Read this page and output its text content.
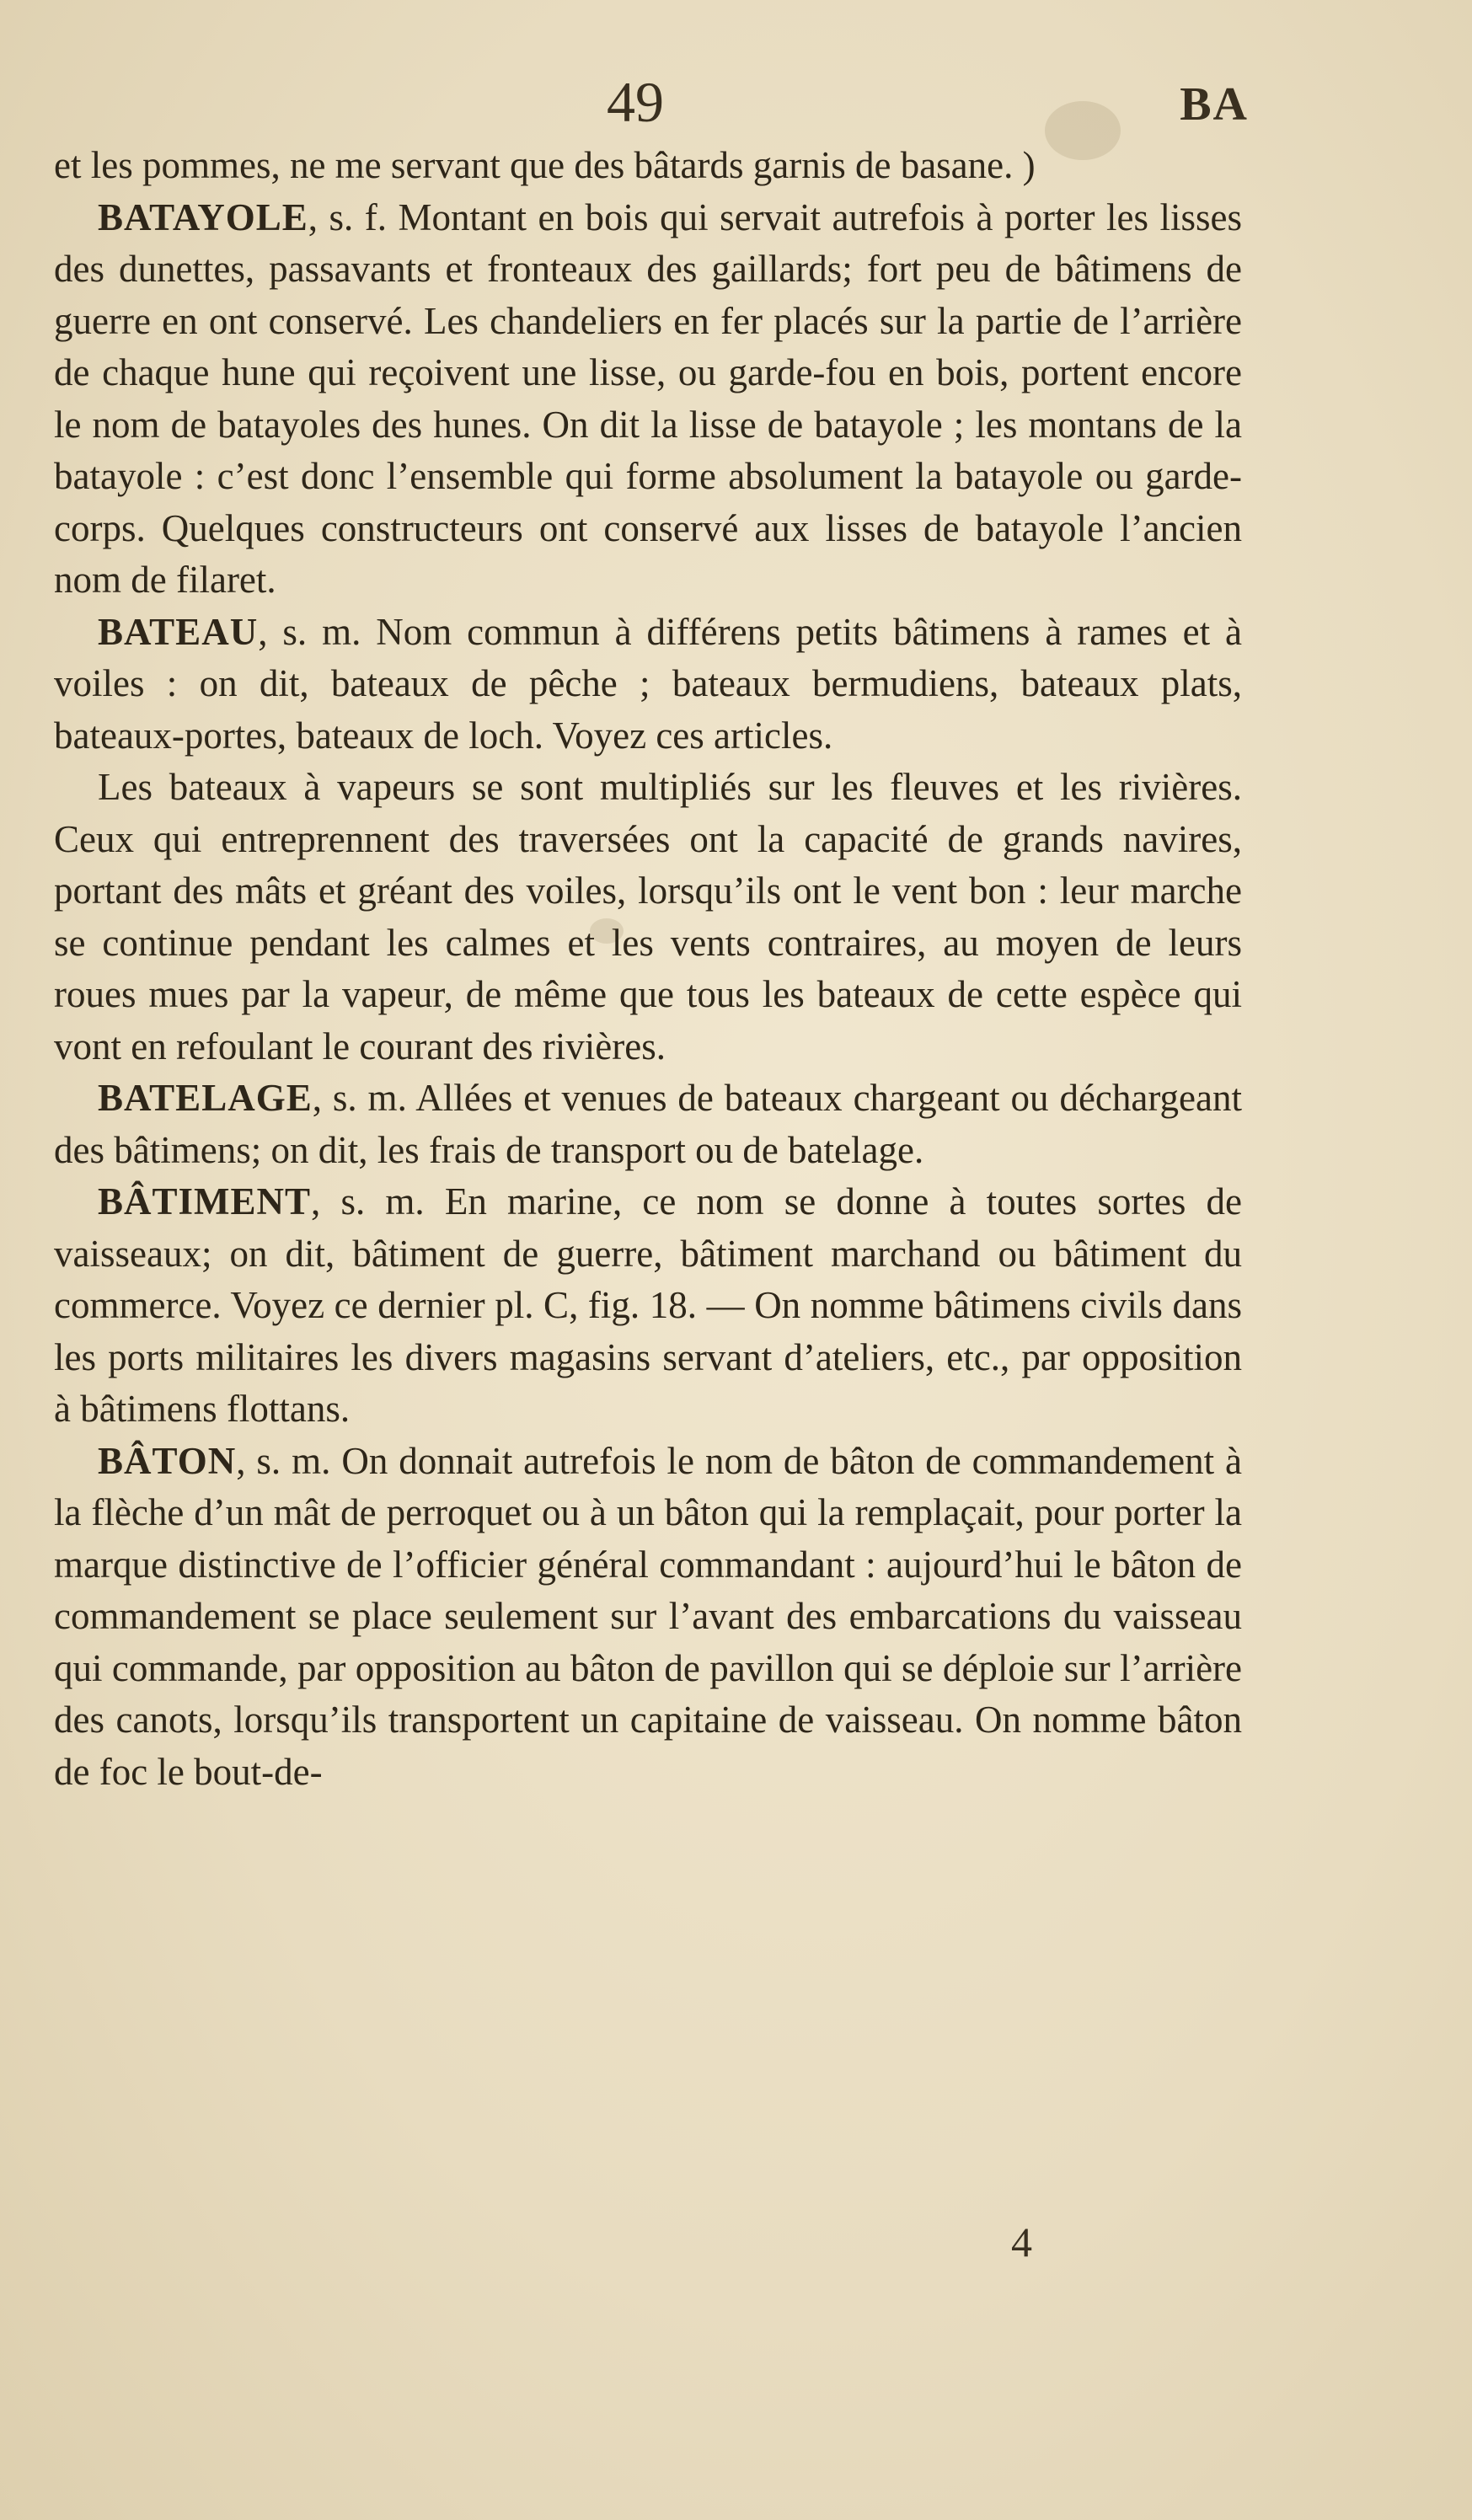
49	BA

et les pommes, ne me servant que des bâtards garnis de basane. )

BATAYOLE, s. f. Montant en bois qui servait autrefois à porter les lisses des dunettes, passavants et fronteaux des gaillards; fort peu de bâtimens de guerre en ont conservé. Les chandeliers en fer placés sur la partie de l’arrière de chaque hune qui reçoivent une lisse, ou garde-fou en bois, portent encore le nom de batayoles des hunes. On dit la lisse de batayole ; les montans de la batayole : c’est donc l’ensemble qui forme absolument la batayole ou garde-corps. Quelques constructeurs ont conservé aux lisses de batayole l’ancien nom de filaret.

BATEAU, s. m. Nom commun à différens petits bâtimens à rames et à voiles : on dit, bateaux de pêche ; bateaux bermudiens, bateaux plats, bateaux-portes, bateaux de loch. Voyez ces articles.

Les bateaux à vapeurs se sont multipliés sur les fleuves et les rivières. Ceux qui entreprennent des traversées ont la capacité de grands navires, portant des mâts et gréant des voiles, lorsqu’ils ont le vent bon : leur marche se continue pendant les calmes et les vents contraires, au moyen de leurs roues mues par la vapeur, de même que tous les bateaux de cette espèce qui vont en refoulant le courant des rivières.

BATELAGE, s. m. Allées et venues de bateaux chargeant ou déchargeant des bâtimens; on dit, les frais de transport ou de batelage.

BÂTIMENT, s. m. En marine, ce nom se donne à toutes sortes de vaisseaux; on dit, bâtiment de guerre, bâtiment marchand ou bâtiment du commerce. Voyez ce dernier pl. C, fig. 18. — On nomme bâtimens civils dans les ports militaires les divers magasins servant d’ateliers, etc., par opposition à bâtimens flottans.

BÂTON, s. m. On donnait autrefois le nom de bâton de commandement à la flèche d’un mât de perroquet ou à un bâton qui la remplaçait, pour porter la marque distinctive de l’officier général commandant : aujourd’hui le bâton de commandement se place seulement sur l’avant des embarcations du vaisseau qui commande, par opposition au bâton de pavillon qui se déploie sur l’arrière des canots, lorsqu’ils transportent un capitaine de vaisseau. On nomme bâton de foc le bout-de-

4
